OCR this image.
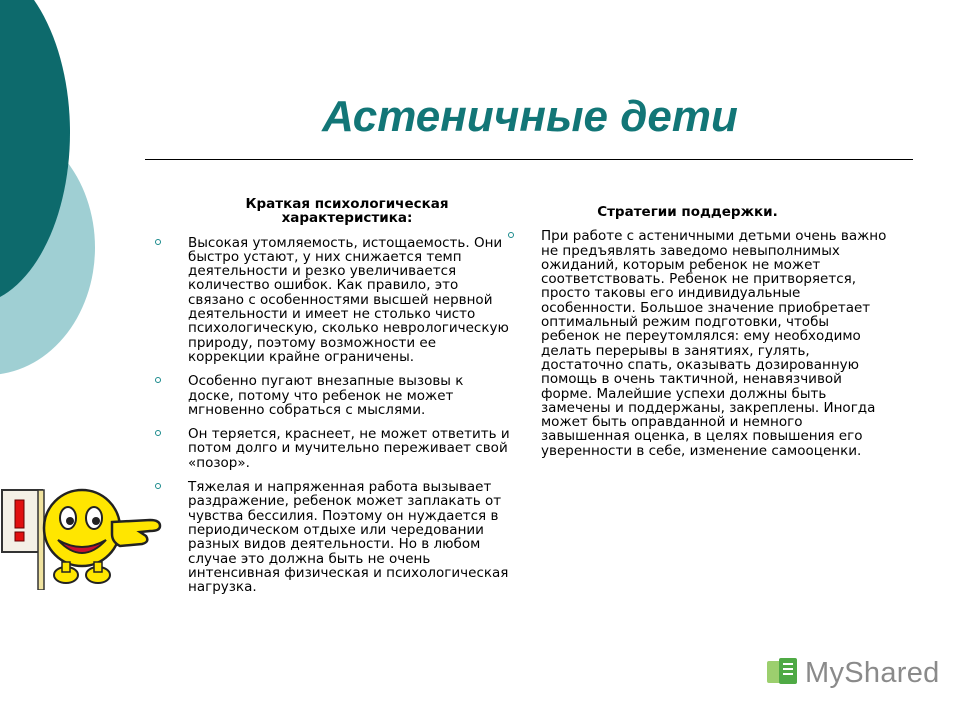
Астеничные дети
Краткая психологическая характеристика:
Высокая утомляемость, истощаемость. Они быстро устают, у них снижается темп деятельности и резко увеличивается количество ошибок. Как правило, это связано с особенностями высшей нервной деятельности и имеет не столько чисто психологическую, сколько неврологическую природу, поэтому возможности ее коррекции крайне ограничены.
Особенно пугают внезапные вызовы к доске, потому что ребенок не может мгновенно собраться с мыслями.
Он теряется, краснеет, не может ответить и потом долго и мучительно переживает свой «позор».
Тяжелая и напряженная работа вызывает раздражение, ребенок может заплакать от чувства бессилия. Поэтому он нуждается в периодическом отдыхе или чередовании разных видов деятельности. Но в любом случае это должна быть не очень интенсивная физическая и психологическая нагрузка.
Стратегии поддержки.
При работе с астеничными детьми очень важно не предъявлять заведомо невыполнимых ожиданий, которым ребенок не может соответствовать. Ребенок не притворяется, просто таковы его индивидуальные особенности. Большое значение приобретает оптимальный режим подготовки, чтобы ребенок не переутомлялся: ему необходимо делать перерывы в занятиях, гулять, достаточно спать, оказывать дозированную помощь в очень тактичной, ненавязчивой форме. Малейшие успехи должны быть замечены и поддержаны, закреплены. Иногда может быть оправданной и немного завышенная оценка, в целях повышения его уверенности в себе, изменение самооценки.
MyShared
